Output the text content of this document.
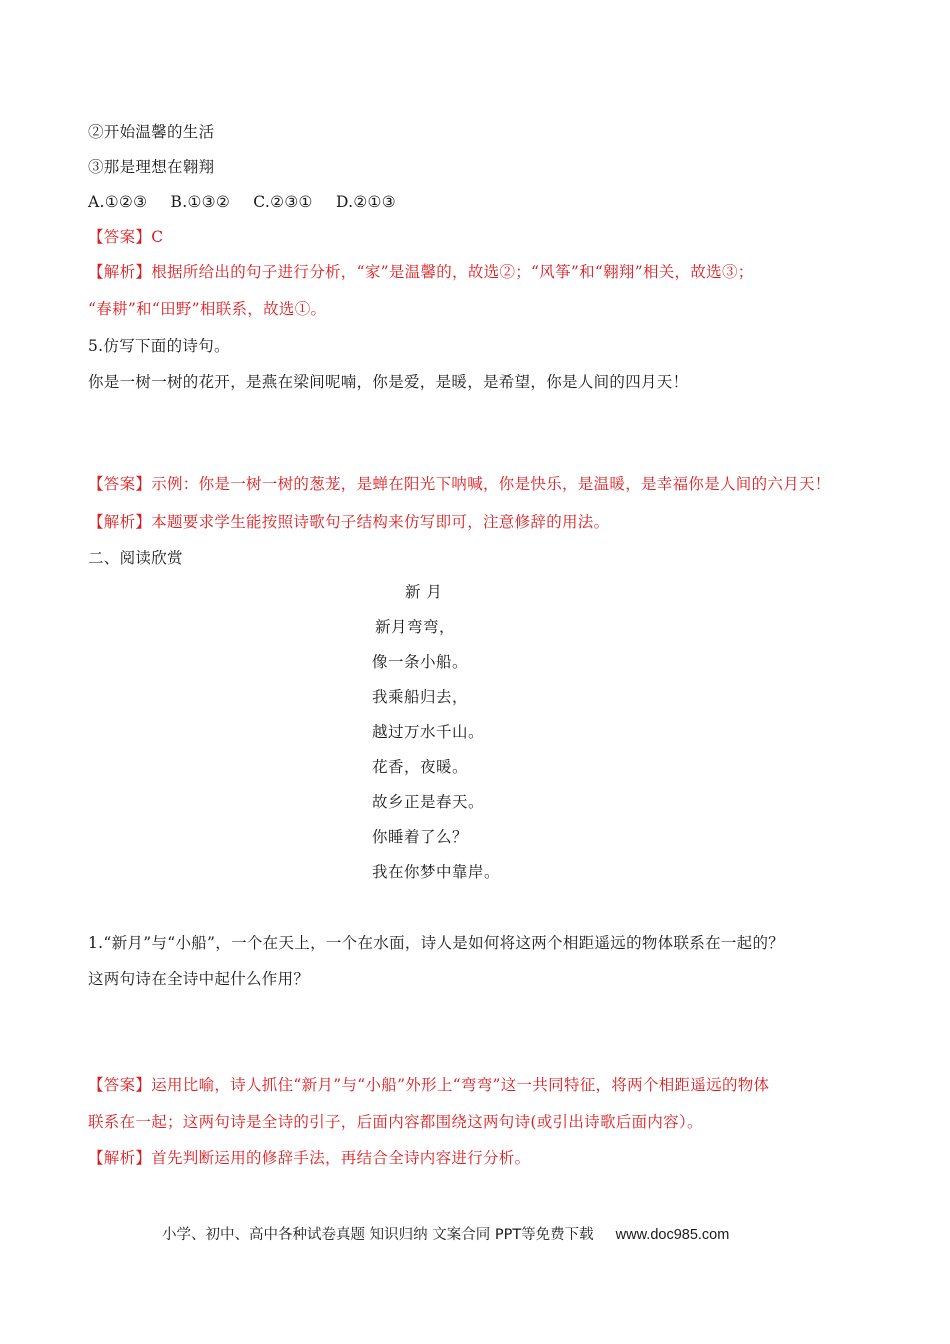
②开始温馨的生活
③那是理想在翱翔
A.①②③ B.①③② C.②③① D.②①③
【答案】C
【解析】根据所给出的句子进行分析，“家”是温馨的，故选②；“风筝”和“翱翔”相关，故选③；
“春耕”和“田野”相联系，故选①。
5.仿写下面的诗句。
你是一树一树的花开，是燕在梁间呢喃，你是爱，是暖，是希望，你是人间的四月天！
【答案】示例：你是一树一树的葱茏，是蝉在阳光下呐喊，你是快乐，是温暖，是幸福你是人间的六月天！
【解析】本题要求学生能按照诗歌句子结构来仿写即可，注意修辞的用法。
二、阅读欣赏
新 月
新月弯弯，
像一条小船。
我乘船归去，
越过万水千山。
花香，夜暖。
故乡正是春天。
你睡着了么？
我在你梦中靠岸。
1.“新月”与“小船”，一个在天上，一个在水面，诗人是如何将这两个相距遥远的物体联系在一起的？
这两句诗在全诗中起什么作用？
【答案】运用比喻，诗人抓住“新月”与“小船”外形上“弯弯”这一共同特征，将两个相距遥远的物体
联系在一起；这两句诗是全诗的引子，后面内容都围绕这两句诗(或引出诗歌后面内容）。
【解析】首先判断运用的修辞手法，再结合全诗内容进行分析。
小学、初中、高中各种试卷真题 知识归纳 文案合同 PPT等免费下载 www.doc985.com
